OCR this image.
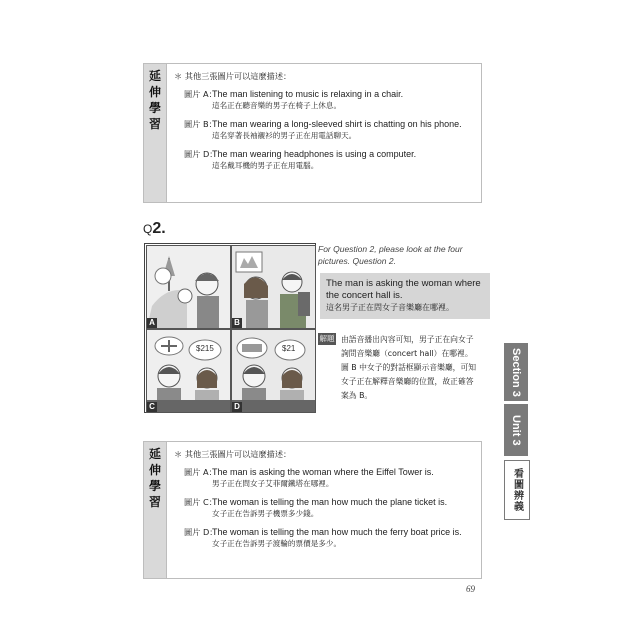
延
伸
學
習
＊ 其他三張圖片可以這麼描述：
圖片 A：
The man listening to music is relaxing in a chair.
這名正在聽音樂的男子在椅子上休息。
圖片 B：
The man wearing a long-sleeved shirt is chatting on his phone.
這名穿著長袖襯衫的男子正在用電話聊天。
圖片 D：
The man wearing headphones is using a computer.
這名戴耳機的男子正在用電腦。
Q2.
A	B
$215
C
$21
D
For Question 2, please look at the four pictures. Question 2.
The man is asking the woman where the concert hall is.
這名男子正在問女子音樂廳在哪裡。
解題 由語音播出內容可知，男子正在向女子詢問音樂廳（concert hall）在哪裡。圖 B 中女子的對話框顯示音樂廳，可知女子正在解釋音樂廳的位置，故正確答案為 B。	Section 3
Unit 3
看圖辨義
延
伸
學
習
＊ 其他三張圖片可以這麼描述：
圖片 A：
The man is asking the woman where the Eiffel Tower is.
男子正在問女子艾菲爾鐵塔在哪裡。
圖片 C：
The woman is telling the man how much the plane ticket is.
女子正在告訴男子機票多少錢。
圖片 D：
The woman is telling the man how much the ferry boat price is.
女子正在告訴男子渡輪的票價是多少。
69
